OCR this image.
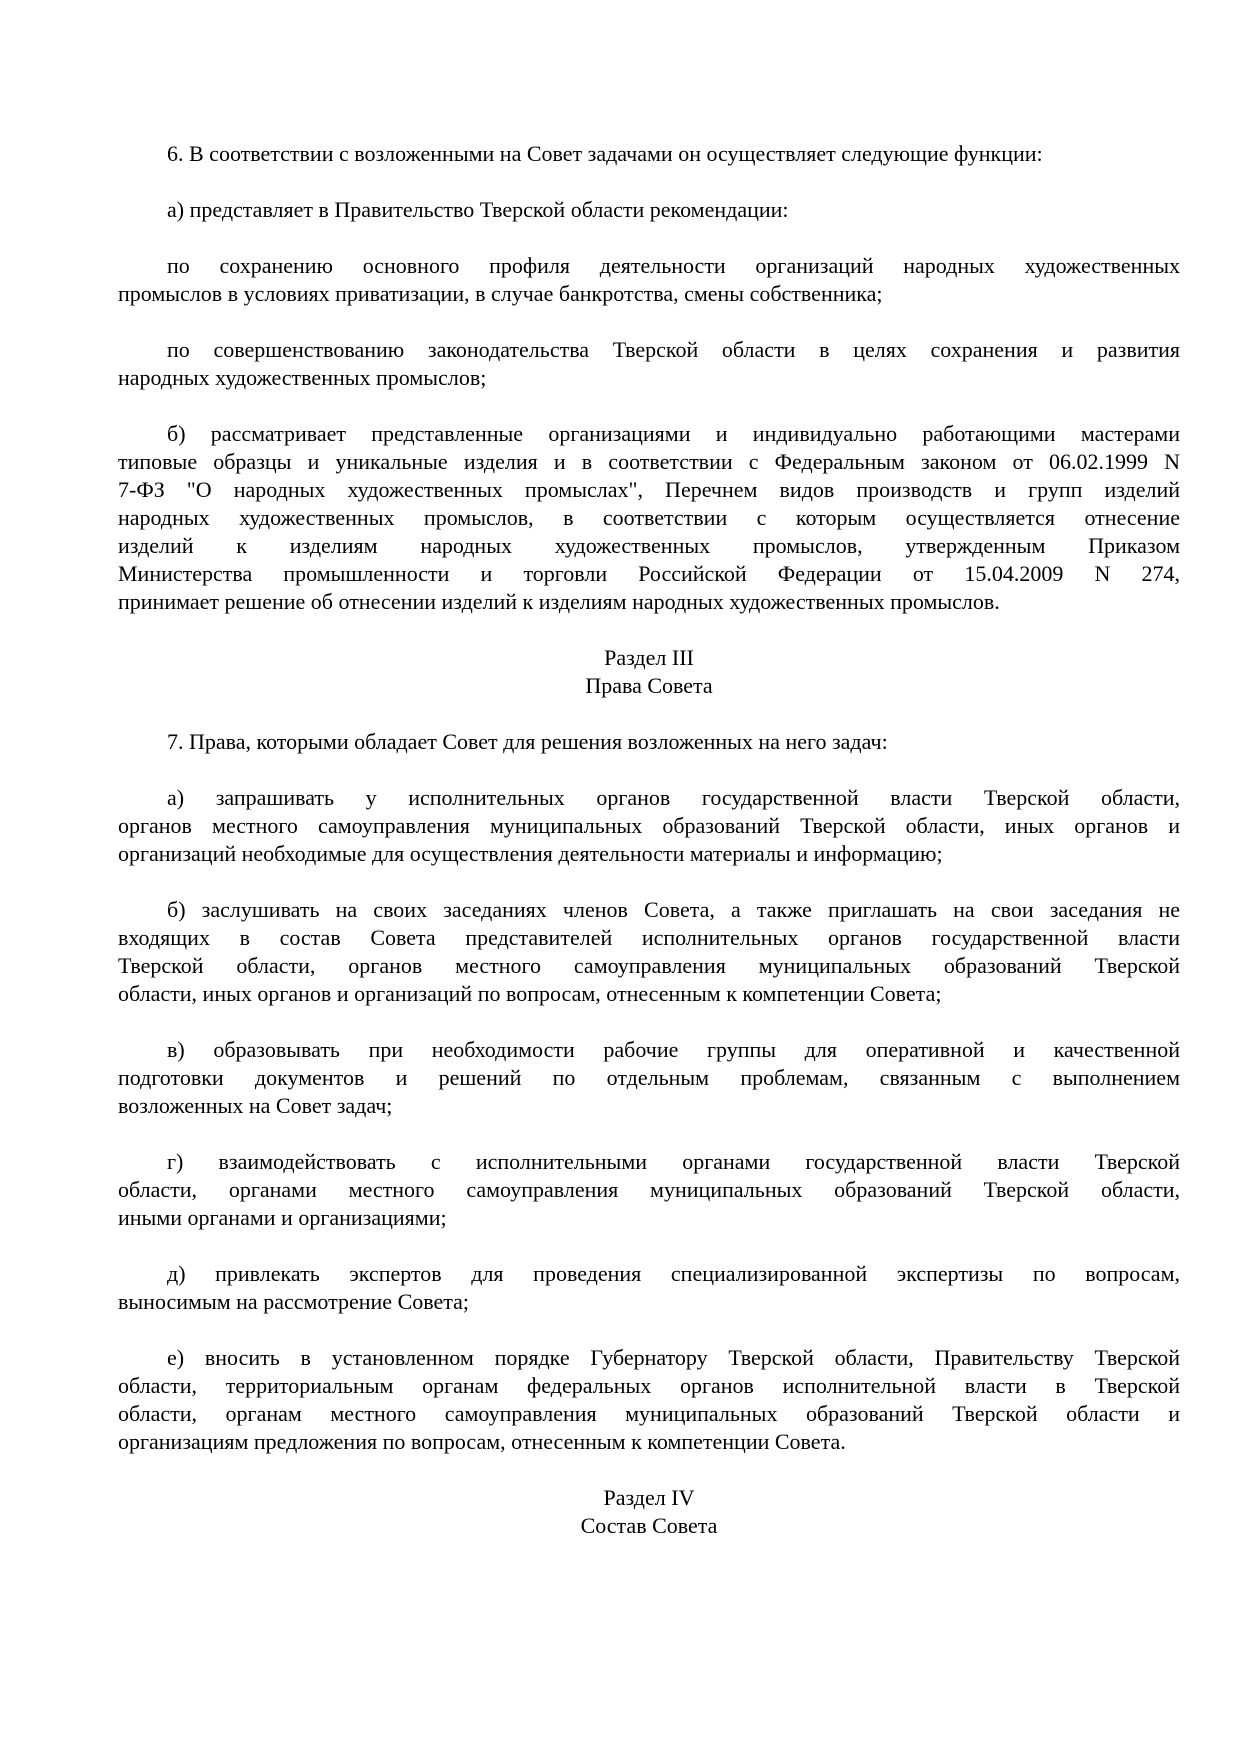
6. В соответствии с возложенными на Совет задачами он осуществляет следующие функции:
а) представляет в Правительство Тверской области рекомендации:
по сохранению основного профиля деятельности организаций народных художественных
промыслов в условиях приватизации, в случае банкротства, смены собственника;
по совершенствованию законодательства Тверской области в целях сохранения и развития
народных художественных промыслов;
б) рассматривает представленные организациями и индивидуально работающими мастерами
типовые образцы и уникальные изделия и в соответствии с Федеральным законом от 06.02.1999 N
7-ФЗ "О народных художественных промыслах", Перечнем видов производств и групп изделий
народных художественных промыслов, в соответствии с которым осуществляется отнесение
изделий к изделиям народных художественных промыслов, утвержденным Приказом
Министерства промышленности и торговли Российской Федерации от 15.04.2009 N 274,
принимает решение об отнесении изделий к изделиям народных художественных промыслов.
Раздел III
Права Совета
7. Права, которыми обладает Совет для решения возложенных на него задач:
а) запрашивать у исполнительных органов государственной власти Тверской области,
органов местного самоуправления муниципальных образований Тверской области, иных органов и
организаций необходимые для осуществления деятельности материалы и информацию;
б) заслушивать на своих заседаниях членов Совета, а также приглашать на свои заседания не
входящих в состав Совета представителей исполнительных органов государственной власти
Тверской области, органов местного самоуправления муниципальных образований Тверской
области, иных органов и организаций по вопросам, отнесенным к компетенции Совета;
в) образовывать при необходимости рабочие группы для оперативной и качественной
подготовки документов и решений по отдельным проблемам, связанным с выполнением
возложенных на Совет задач;
г) взаимодействовать с исполнительными органами государственной власти Тверской
области, органами местного самоуправления муниципальных образований Тверской области,
иными органами и организациями;
д) привлекать экспертов для проведения специализированной экспертизы по вопросам,
выносимым на рассмотрение Совета;
е) вносить в установленном порядке Губернатору Тверской области, Правительству Тверской
области, территориальным органам федеральных органов исполнительной власти в Тверской
области, органам местного самоуправления муниципальных образований Тверской области и
организациям предложения по вопросам, отнесенным к компетенции Совета.
Раздел IV
Состав Совета
